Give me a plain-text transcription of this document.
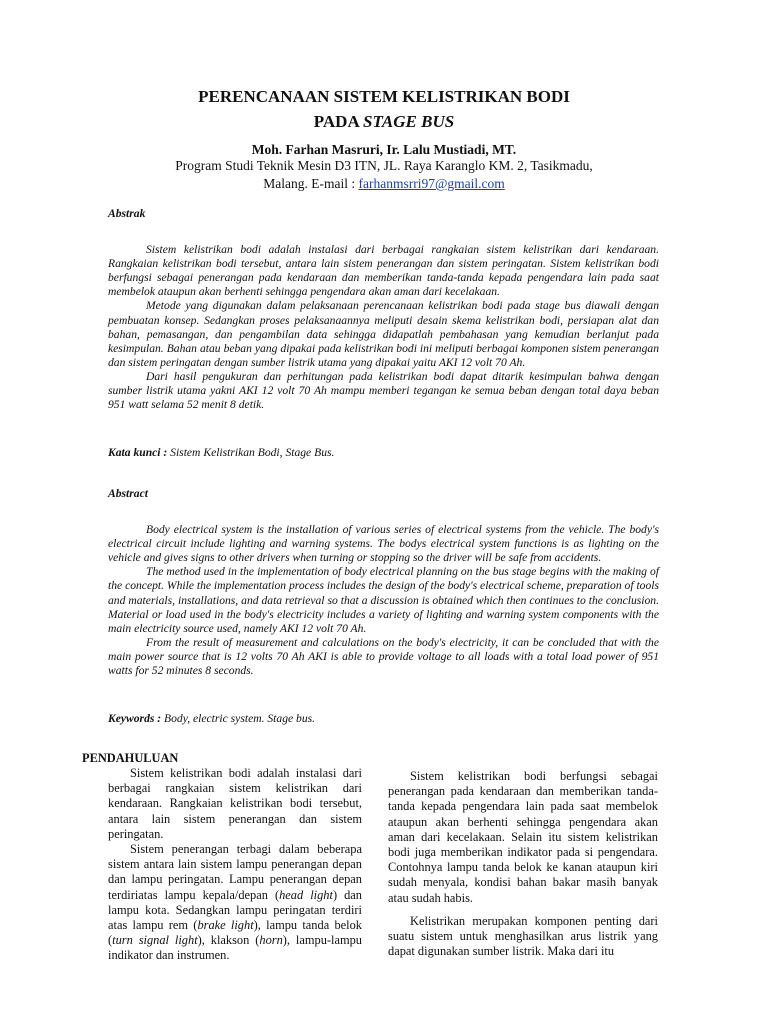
PERENCANAAN SISTEM KELISTRIKAN BODI
PADA STAGE BUS
Moh. Farhan Masruri, Ir. Lalu Mustiadi, MT.
Program Studi Teknik Mesin D3 ITN, JL. Raya Karanglo KM. 2, Tasikmadu,
Malang. E-mail : farhanmsrri97@gmail.com
Abstrak

Sistem kelistrikan bodi adalah instalasi dari berbagai rangkaian sistem kelistrikan dari kendaraan. Rangkaian kelistrikan bodi tersebut, antara lain sistem penerangan dan sistem peringatan. Sistem kelistrikan bodi berfungsi sebagai penerangan pada kendaraan dan memberikan tanda-tanda kepada pengendara lain pada saat membelok ataupun akan berhenti sehingga pengendara akan aman dari kecelakaan.

Metode yang digunakan dalam pelaksanaan perencanaan kelistrikan bodi pada stage bus diawali dengan pembuatan konsep. Sedangkan proses pelaksanaannya meliputi desain skema kelistrikan bodi, persiapan alat dan bahan, pemasangan, dan pengambilan data sehingga didapatlah pembahasan yang kemudian berlanjut pada kesimpulan. Bahan atau beban yang dipakai pada kelistrikan bodi ini meliputi berbagai komponen sistem penerangan dan sistem peringatan dengan sumber listrik utama yang dipakai yaitu AKI 12 volt 70 Ah.

Dari hasil pengukuran dan perhitungan pada kelistrikan bodi dapat ditarik kesimpulan bahwa dengan sumber listrik utama yakni AKI 12 volt 70 Ah mampu memberi tegangan ke semua beban dengan total daya beban 951 watt selama 52 menit 8 detik.

Kata kunci : Sistem Kelistrikan Bodi, Stage Bus.
Abstract

Body electrical system is the installation of various series of electrical systems from the vehicle. The body's electrical circuit include lighting and warning systems. The bodys electrical system functions is as lighting on the vehicle and gives signs to other drivers when turning or stopping so the driver will be safe from accidents.

The method used in the implementation of body electrical planning on the bus stage begins with the making of the concept. While the implementation process includes the design of the body's electrical scheme, preparation of tools and materials, installations, and data retrieval so that a discussion is obtained which then continues to the conclusion. Material or load used in the body's electricity includes a variety of lighting and warning system components with the main electricity source used, namely AKI 12 volt 70 Ah.

From the result of measurement and calculations on the body's electricity, it can be concluded that with the main power source that is 12 volts 70 Ah AKI is able to provide voltage to all loads with a total load power of 951 watts for 52 minutes 8 seconds.

Keywords : Body, electric system. Stage bus.
PENDAHULUAN

Sistem kelistrikan bodi adalah instalasi dari berbagai rangkaian sistem kelistrikan dari kendaraan. Rangkaian kelistrikan bodi tersebut, antara lain sistem penerangan dan sistem peringatan.

Sistem penerangan terbagi dalam beberapa sistem antara lain sistem lampu penerangan depan dan lampu peringatan. Lampu penerangan depan terdiriatas lampu kepala/depan (head light) dan lampu kota. Sedangkan lampu peringatan terdiri atas lampu rem (brake light), lampu tanda belok (turn signal light), klakson (horn), lampu-lampu indikator dan instrumen.

Sistem kelistrikan bodi berfungsi sebagai penerangan pada kendaraan dan memberikan tanda-tanda kepada pengendara lain pada saat membelok ataupun akan berhenti sehingga pengendara akan aman dari kecelakaan. Selain itu sistem kelistrikan bodi juga memberikan indikator pada si pengendara. Contohnya lampu tanda belok ke kanan ataupun kiri sudah menyala, kondisi bahan bakar masih banyak atau sudah habis.

Kelistrikan merupakan komponen penting dari suatu sistem untuk menghasilkan arus listrik yang dapat digunakan sumber listrik. Maka dari itu
